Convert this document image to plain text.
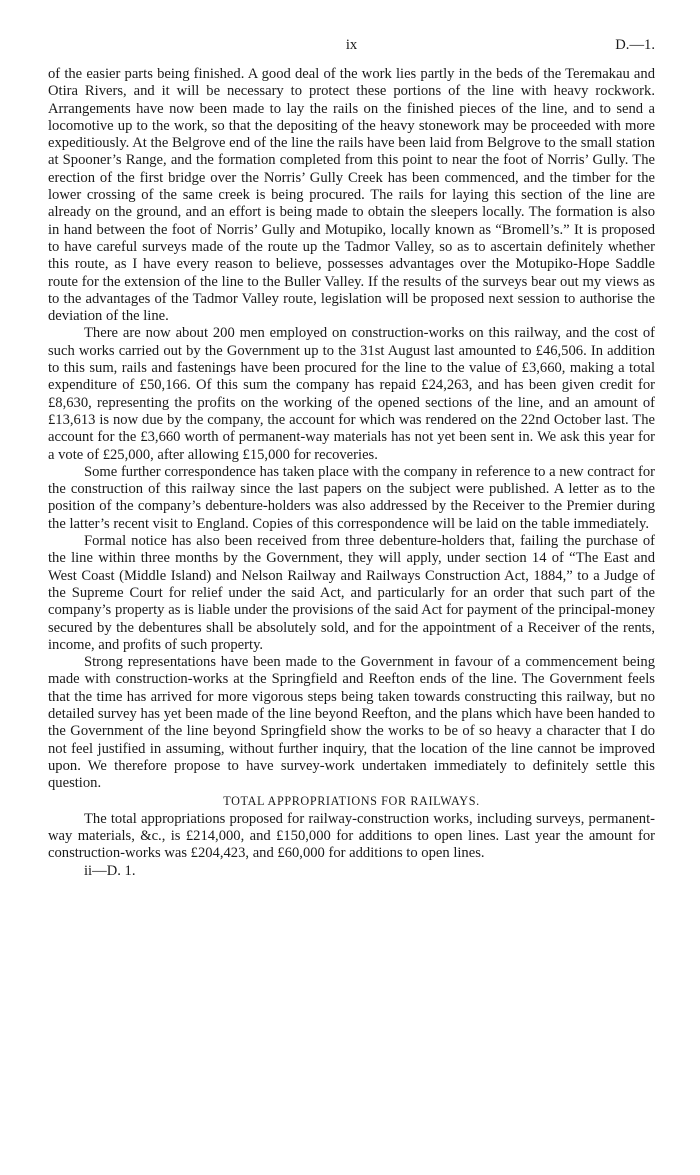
ix	D.—1.

of the easier parts being finished. A good deal of the work lies partly in the beds of the Teremakau and Otira Rivers, and it will be necessary to protect these portions of the line with heavy rockwork. Arrangements have now been made to lay the rails on the finished pieces of the line, and to send a locomotive up to the work, so that the depositing of the heavy stonework may be proceeded with more expeditiously. At the Belgrove end of the line the rails have been laid from Belgrove to the small station at Spooner’s Range, and the formation completed from this point to near the foot of Norris’ Gully. The erection of the first bridge over the Norris’ Gully Creek has been commenced, and the timber for the lower crossing of the same creek is being procured. The rails for laying this section of the line are already on the ground, and an effort is being made to obtain the sleepers locally. The formation is also in hand between the foot of Norris’ Gully and Motupiko, locally known as “Bromell’s.” It is proposed to have careful surveys made of the route up the Tadmor Valley, so as to ascertain definitely whether this route, as I have every reason to believe, possesses advantages over the Motupiko-Hope Saddle route for the extension of the line to the Buller Valley. If the results of the surveys bear out my views as to the advantages of the Tadmor Valley route, legislation will be proposed next session to authorise the deviation of the line.

There are now about 200 men employed on construction-works on this railway, and the cost of such works carried out by the Government up to the 31st August last amounted to £46,506. In addition to this sum, rails and fastenings have been procured for the line to the value of £3,660, making a total expenditure of £50,166. Of this sum the company has repaid £24,263, and has been given credit for £8,630, representing the profits on the working of the opened sections of the line, and an amount of £13,613 is now due by the company, the account for which was rendered on the 22nd October last. The account for the £3,660 worth of permanent-way materials has not yet been sent in. We ask this year for a vote of £25,000, after allowing £15,000 for recoveries.

Some further correspondence has taken place with the company in reference to a new contract for the construction of this railway since the last papers on the subject were published. A letter as to the position of the company’s debenture-holders was also addressed by the Receiver to the Premier during the latter’s recent visit to England. Copies of this correspondence will be laid on the table immediately.

Formal notice has also been received from three debenture-holders that, failing the purchase of the line within three months by the Government, they will apply, under section 14 of “The East and West Coast (Middle Island) and Nelson Railway and Railways Construction Act, 1884,” to a Judge of the Supreme Court for relief under the said Act, and particularly for an order that such part of the company’s property as is liable under the provisions of the said Act for payment of the principal-money secured by the debentures shall be absolutely sold, and for the appointment of a Receiver of the rents, income, and profits of such property.

Strong representations have been made to the Government in favour of a commencement being made with construction-works at the Springfield and Reefton ends of the line. The Government feels that the time has arrived for more vigorous steps being taken towards constructing this railway, but no detailed survey has yet been made of the line beyond Reefton, and the plans which have been handed to the Government of the line beyond Springfield show the works to be of so heavy a character that I do not feel justified in assuming, without further inquiry, that the location of the line cannot be improved upon. We therefore propose to have survey-work undertaken immediately to definitely settle this question.

TOTAL APPROPRIATIONS FOR RAILWAYS.

The total appropriations proposed for railway-construction works, including surveys, permanent-way materials, &c., is £214,000, and £150,000 for additions to open lines. Last year the amount for construction-works was £204,423, and £60,000 for additions to open lines.

ii—D. 1.
